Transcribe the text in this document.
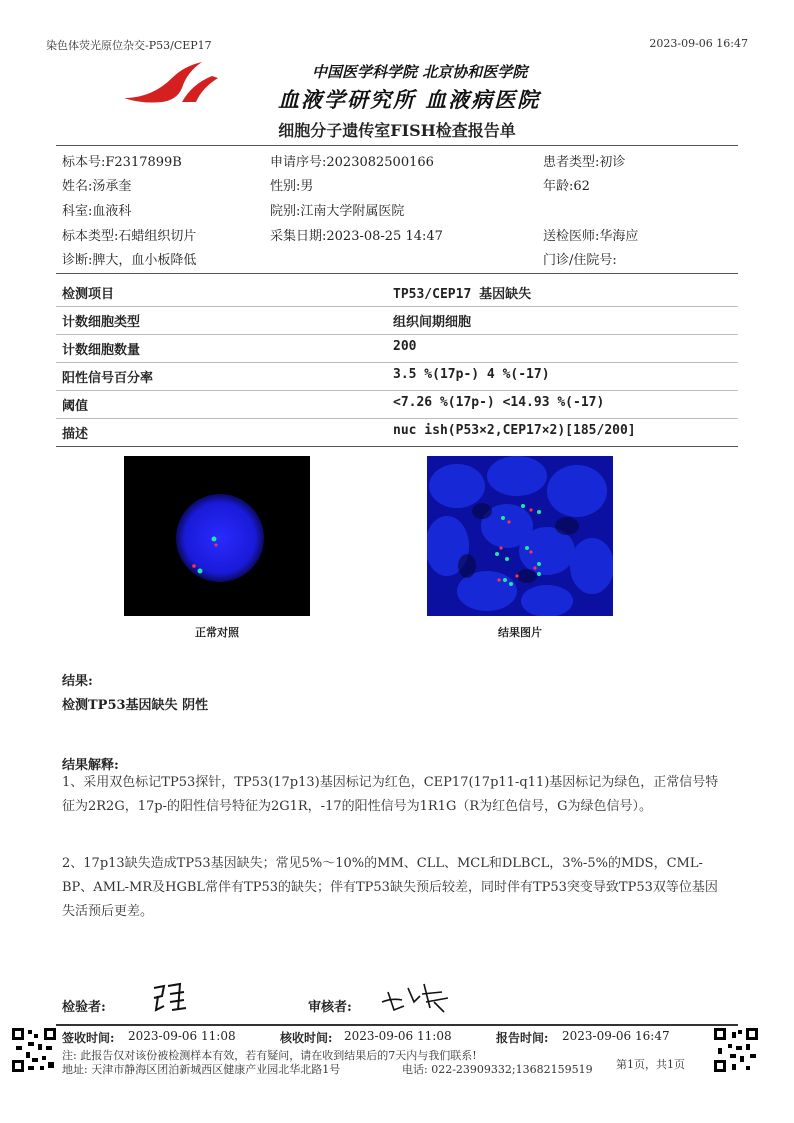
染色体荧光原位杂交-P53/CEP17	2023-09-06 16:47
中国医学科学院 北京协和医学院
血液学研究所 血液病医院
细胞分子遗传室FISH检查报告单
标本号:F2317899B	申请序号:2023082500166	患者类型:初诊
姓名:汤承奎	性别:男	年龄:62
科室:血液科	院别:江南大学附属医院
标本类型:石蜡组织切片	采集日期:2023-08-25 14:47	送检医师:华海应
诊断:脾大，血小板降低	门诊/住院号:
检测项目	TP53/CEP17 基因缺失
计数细胞类型	组织间期细胞
计数细胞数量	200
阳性信号百分率	3.5 %(17p-) 4 %(-17)
阈值	<7.26 %(17p-) <14.93 %(-17)
描述	nuc ish(P53×2,CEP17×2)[185/200]
正常对照	结果图片
结果:
检测TP53基因缺失 阴性
结果解释:
1、采用双色标记TP53探针，TP53(17p13)基因标记为红色，CEP17(17p11-q11)基因标记为绿色，正常信号特征为2R2G，17p-的阳性信号特征为2G1R，-17的阳性信号为1R1G（R为红色信号，G为绿色信号）。
2、17p13缺失造成TP53基因缺失；常见5%～10%的MM、CLL、MCL和DLBCL，3%-5%的MDS，CML-BP、AML-MR及HGBL常伴有TP53的缺失；伴有TP53缺失预后较差，同时伴有TP53突变导致TP53双等位基因失活预后更差。
检验者:	审核者:
签收时间: 2023-09-06 11:08	核收时间: 2023-09-06 11:08	报告时间: 2023-09-06 16:47
注: 此报告仅对该份被检测样本有效，若有疑问，请在收到结果后的7天内与我们联系!
地址: 天津市静海区团泊新城西区健康产业园北华北路1号	电话: 022-23909332;13682159519 第1页，共1页
